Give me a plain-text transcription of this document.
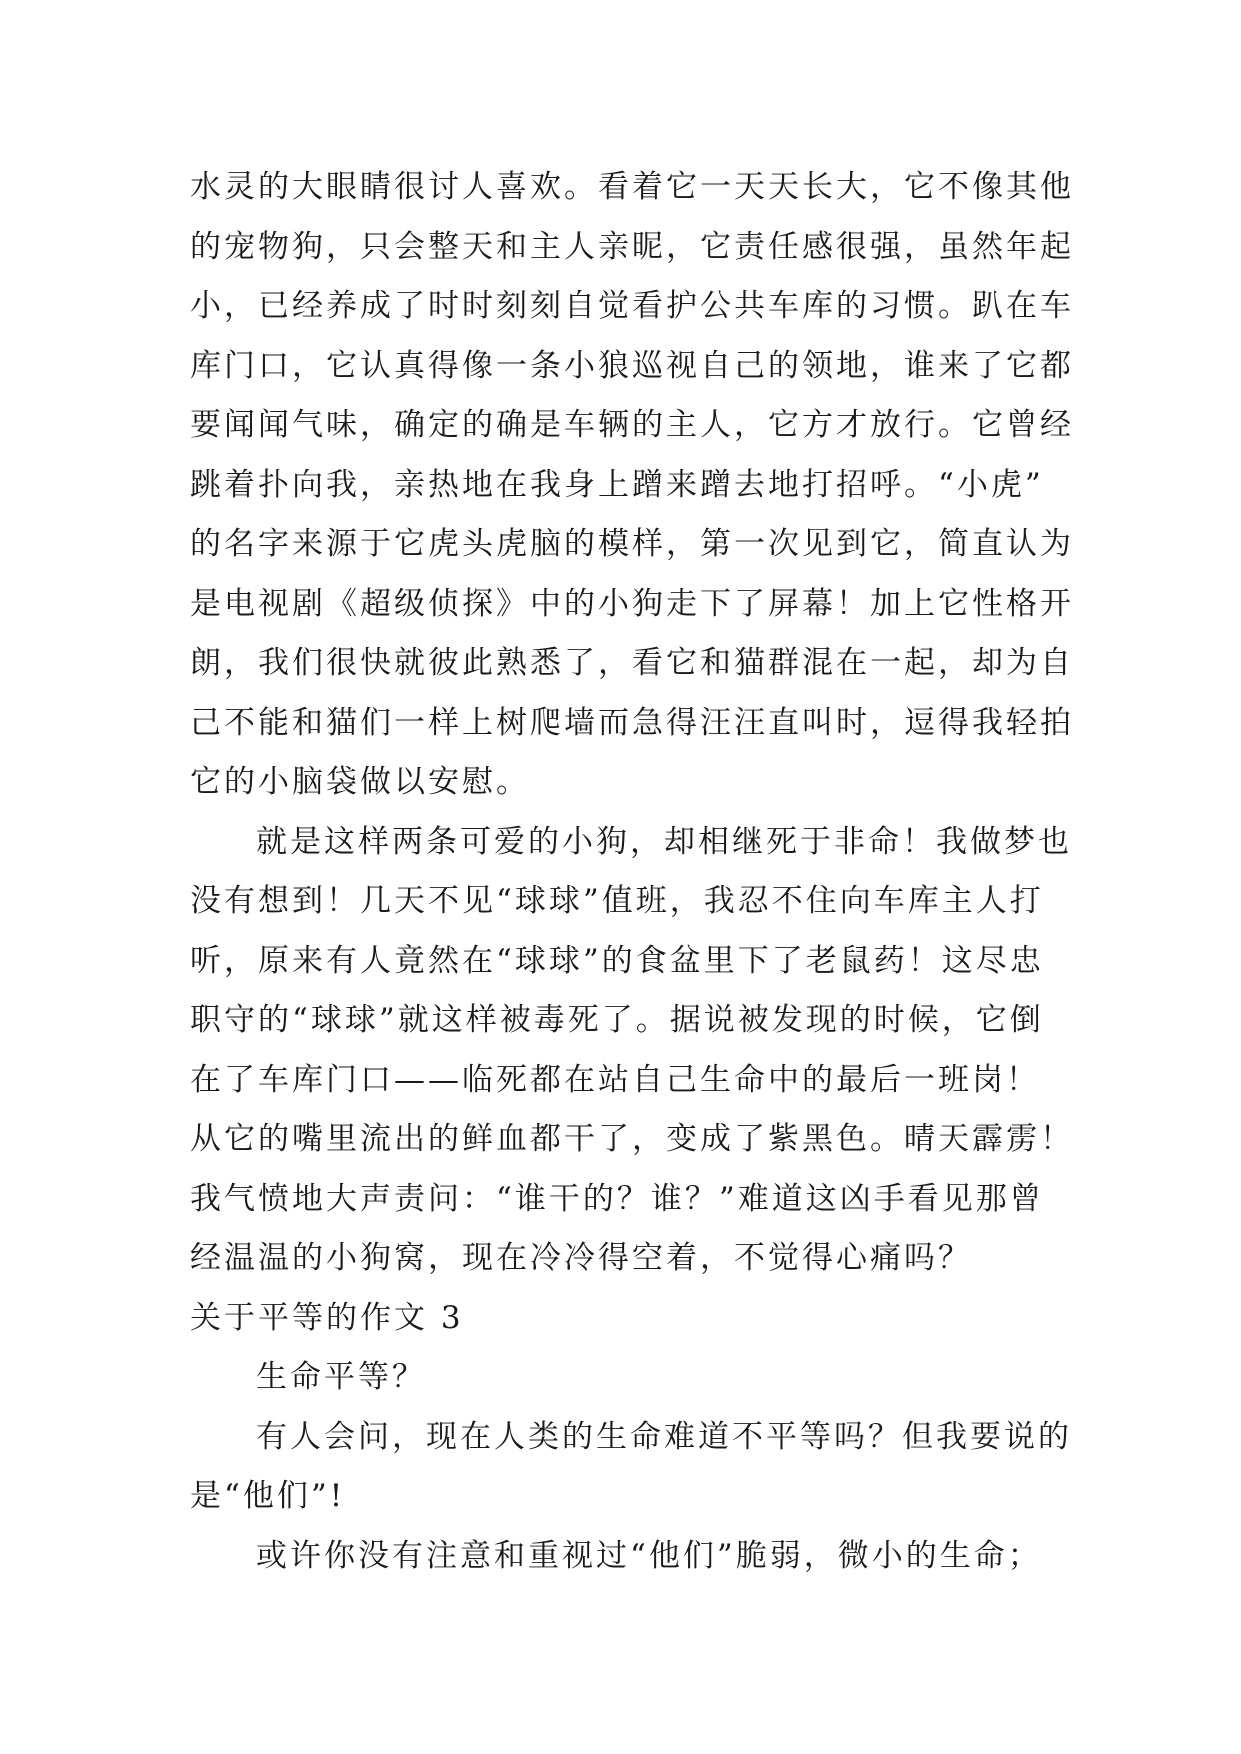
水灵的大眼睛很讨人喜欢。看着它一天天长大，它不像其他
的宠物狗，只会整天和主人亲昵，它责任感很强，虽然年起
小，已经养成了时时刻刻自觉看护公共车库的习惯。趴在车
库门口，它认真得像一条小狼巡视自己的领地，谁来了它都
要闻闻气味，确定的确是车辆的主人，它方才放行。它曾经
跳着扑向我，亲热地在我身上蹭来蹭去地打招呼。“小虎”
的名字来源于它虎头虎脑的模样，第一次见到它，简直认为
是电视剧《超级侦探》中的小狗走下了屏幕！加上它性格开
朗，我们很快就彼此熟悉了，看它和猫群混在一起，却为自
己不能和猫们一样上树爬墙而急得汪汪直叫时，逗得我轻拍
它的小脑袋做以安慰。
就是这样两条可爱的小狗，却相继死于非命！我做梦也
没有想到！几天不见“球球”值班，我忍不住向车库主人打
听，原来有人竟然在“球球”的食盆里下了老鼠药！这尽忠
职守的“球球”就这样被毒死了。据说被发现的时候，它倒
在了车库门口——临死都在站自己生命中的最后一班岗！
从它的嘴里流出的鲜血都干了，变成了紫黑色。晴天霹雳！
我气愤地大声责问：“谁干的？谁？”难道这凶手看见那曾
经温温的小狗窝，现在冷冷得空着，不觉得心痛吗？
关于平等的作文 3
生命平等？
有人会问，现在人类的生命难道不平等吗？但我要说的
是“他们”!
或许你没有注意和重视过“他们”脆弱，微小的生命；
